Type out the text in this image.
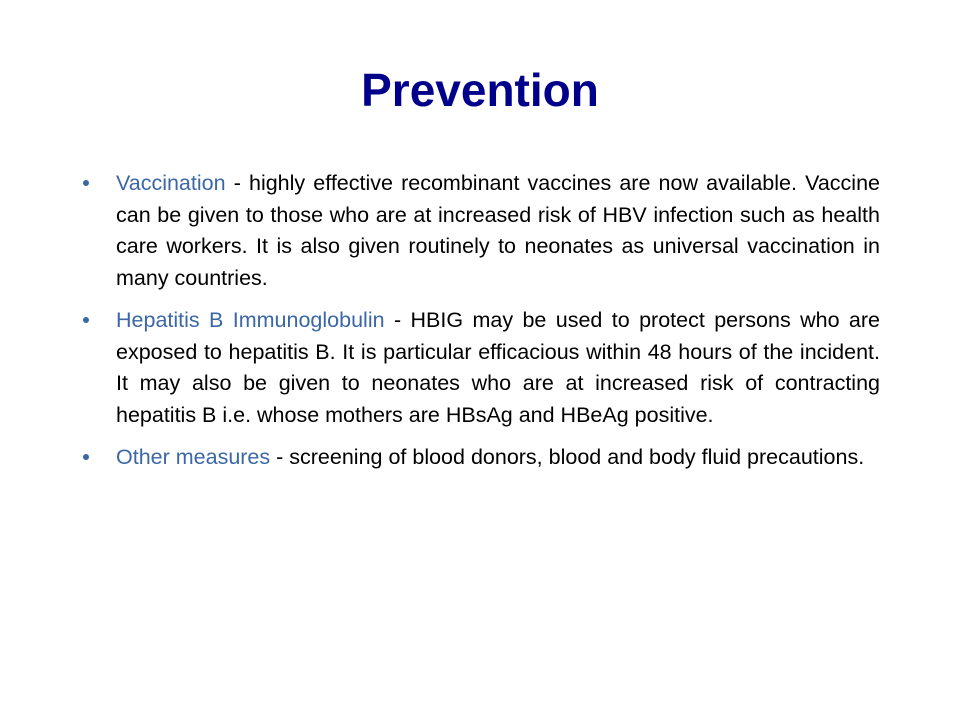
Prevention
Vaccination - highly effective recombinant vaccines are now available. Vaccine can be given to those who are at increased risk of HBV infection such as health care workers. It is also given routinely to neonates as universal vaccination in many countries.
Hepatitis B Immunoglobulin - HBIG may be used to protect persons who are exposed to hepatitis B. It is particular efficacious within 48 hours of the incident. It may also be given to neonates who are at increased risk of contracting hepatitis B i.e. whose mothers are HBsAg and HBeAg positive.
Other measures - screening of blood donors, blood and body fluid precautions.
